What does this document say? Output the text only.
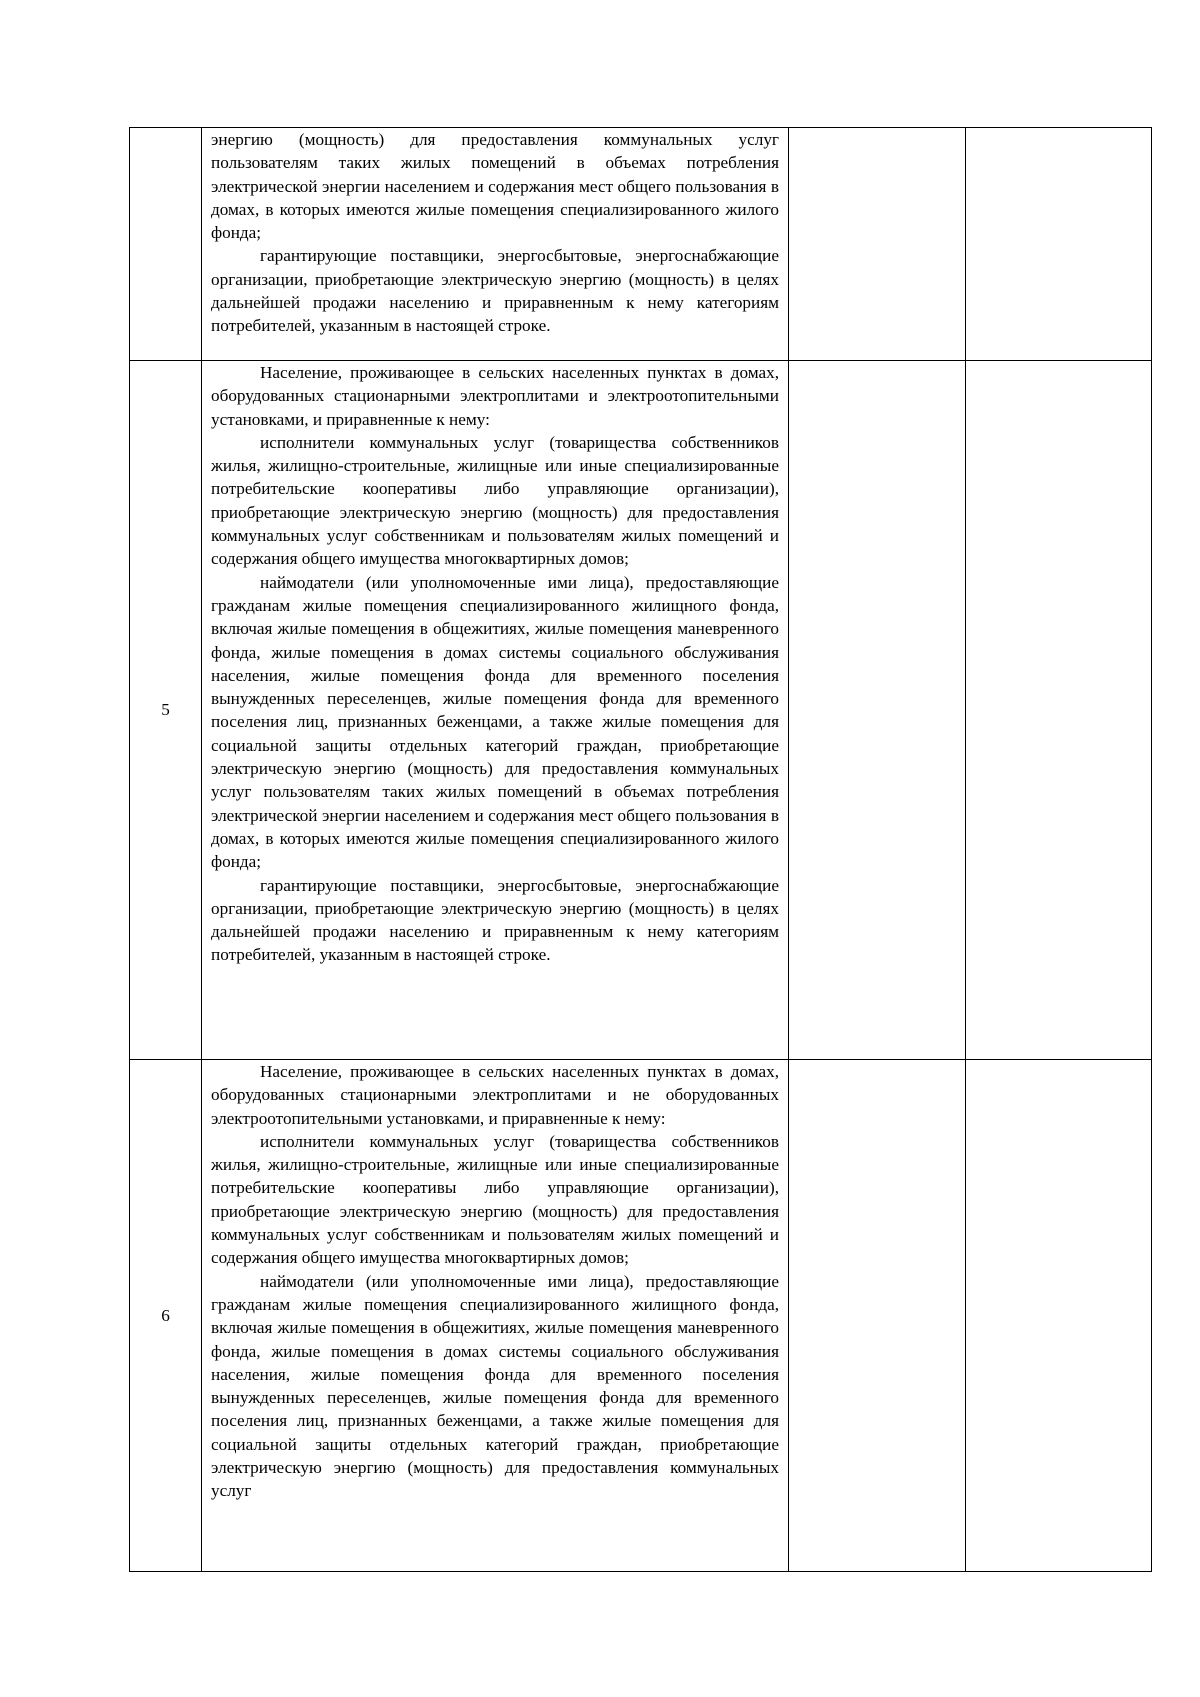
	энергию (мощность) для предоставления коммунальных услуг пользователям таких жилых помещений в объемах потребления электрической энергии населением и содержания мест общего пользования в домах, в которых имеются жилые помещения специализированного жилого фонда;

гарантирующие поставщики, энергосбытовые, энергоснабжающие организации, приобретающие электрическую энергию (мощность) в целях дальнейшей продажи населению и приравненным к нему категориям потребителей, указанным в настоящей строке.		

5	Население, проживающее в сельских населенных пунктах в домах, оборудованных стационарными электроплитами и электроотопительными установками, и приравненные к нему:

исполнители коммунальных услуг (товарищества собственников жилья, жилищно-строительные, жилищные или иные специализированные потребительские кооперативы либо управляющие организации), приобретающие электрическую энергию (мощность) для предоставления коммунальных услуг собственникам и пользователям жилых помещений и содержания общего имущества многоквартирных домов;

наймодатели (или уполномоченные ими лица), предоставляющие гражданам жилые помещения специализированного жилищного фонда, включая жилые помещения в общежитиях, жилые помещения маневренного фонда, жилые помещения в домах системы социального обслуживания населения, жилые помещения фонда для временного поселения вынужденных переселенцев, жилые помещения фонда для временного поселения лиц, признанных беженцами, а также жилые помещения для социальной защиты отдельных категорий граждан, приобретающие электрическую энергию (мощность) для предоставления коммунальных услуг пользователям таких жилых помещений в объемах потребления электрической энергии населением и содержания мест общего пользования в домах, в которых имеются жилые помещения специализированного жилого фонда;

гарантирующие поставщики, энергосбытовые, энергоснабжающие организации, приобретающие электрическую энергию (мощность) в целях дальнейшей продажи населению и приравненным к нему категориям потребителей, указанным в настоящей строке.		

6	Население, проживающее в сельских населенных пунктах в домах, оборудованных стационарными электроплитами и не оборудованных электроотопительными установками, и приравненные к нему:

исполнители коммунальных услуг (товарищества собственников жилья, жилищно-строительные, жилищные или иные специализированные потребительские кооперативы либо управляющие организации), приобретающие электрическую энергию (мощность) для предоставления коммунальных услуг собственникам и пользователям жилых помещений и содержания общего имущества многоквартирных домов;

наймодатели (или уполномоченные ими лица), предоставляющие гражданам жилые помещения специализированного жилищного фонда, включая жилые помещения в общежитиях, жилые помещения маневренного фонда, жилые помещения в домах системы социального обслуживания населения, жилые помещения фонда для временного поселения вынужденных переселенцев, жилые помещения фонда для временного поселения лиц, признанных беженцами, а также жилые помещения для социальной защиты отдельных категорий граждан, приобретающие электрическую энергию (мощность) для предоставления коммунальных услуг		
